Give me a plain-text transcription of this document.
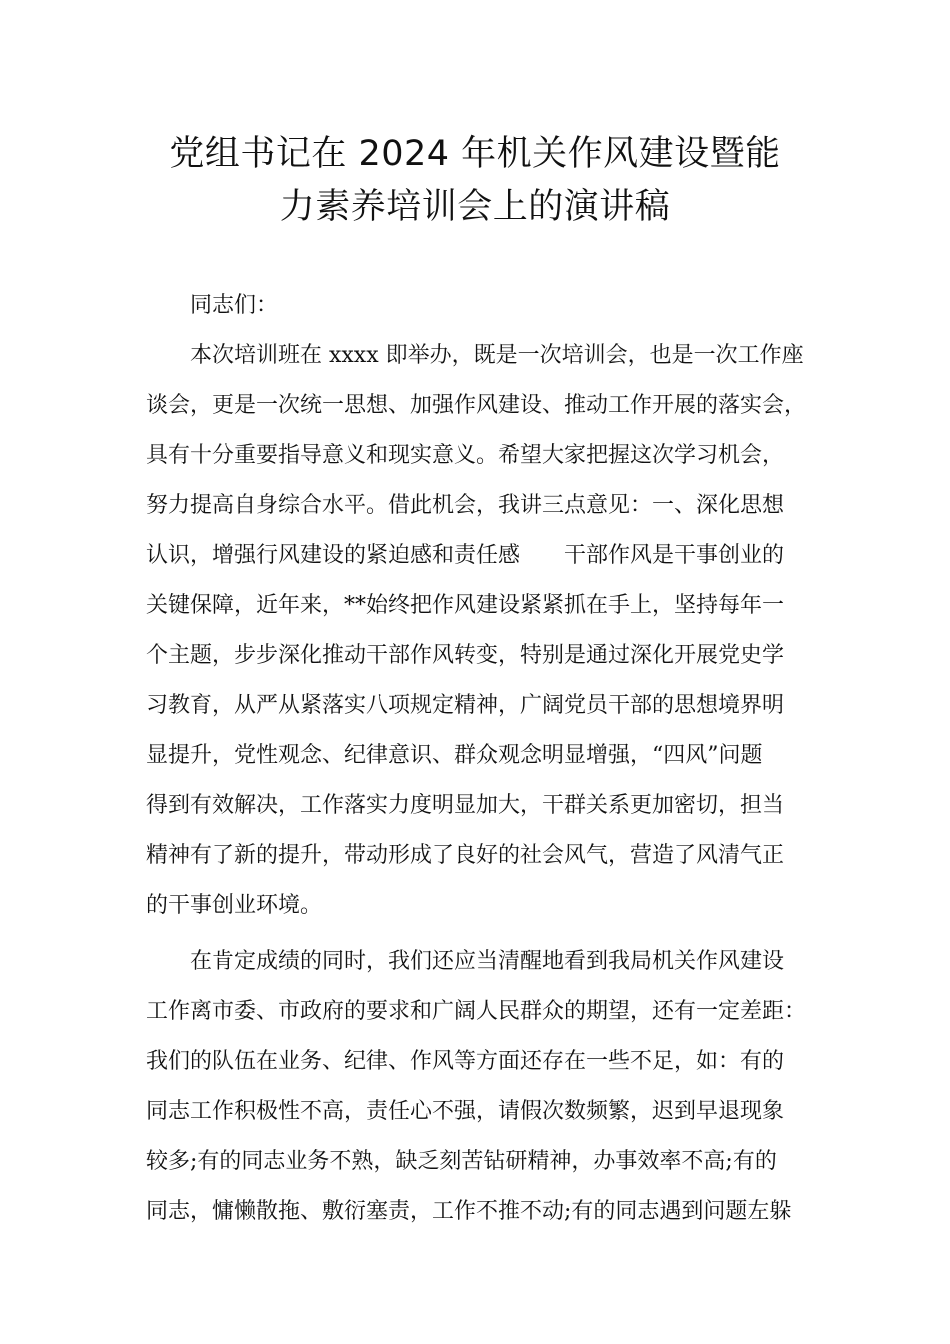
党组书记在 2024 年机关作风建设暨能
力素养培训会上的演讲稿
　　同志们：
　　本次培训班在 xxxx 即举办，既是一次培训会，也是一次工作座
谈会，更是一次统一思想、加强作风建设、推动工作开展的落实会，
具有十分重要指导意义和现实意义。希望大家把握这次学习机会，
努力提高自身综合水平。借此机会，我讲三点意见：一、深化思想
认识，增强行风建设的紧迫感和责任感　　干部作风是干事创业的
关键保障，近年来，**始终把作风建设紧紧抓在手上，坚持每年一
个主题，步步深化推动干部作风转变，特别是通过深化开展党史学
习教育，从严从紧落实八项规定精神，广阔党员干部的思想境界明
显提升，党性观念、纪律意识、群众观念明显增强，“四风”问题
得到有效解决，工作落实力度明显加大，干群关系更加密切，担当
精神有了新的提升，带动形成了良好的社会风气，营造了风清气正
的干事创业环境。
　　在肯定成绩的同时，我们还应当清醒地看到我局机关作风建设
工作离市委、市政府的要求和广阔人民群众的期望，还有一定差距：
我们的队伍在业务、纪律、作风等方面还存在一些不足，如：有的
同志工作积极性不高，责任心不强，请假次数频繁，迟到早退现象
较多;有的同志业务不熟，缺乏刻苦钻研精神，办事效率不高;有的
同志，慵懒散拖、敷衍塞责，工作不推不动;有的同志遇到问题左躲
